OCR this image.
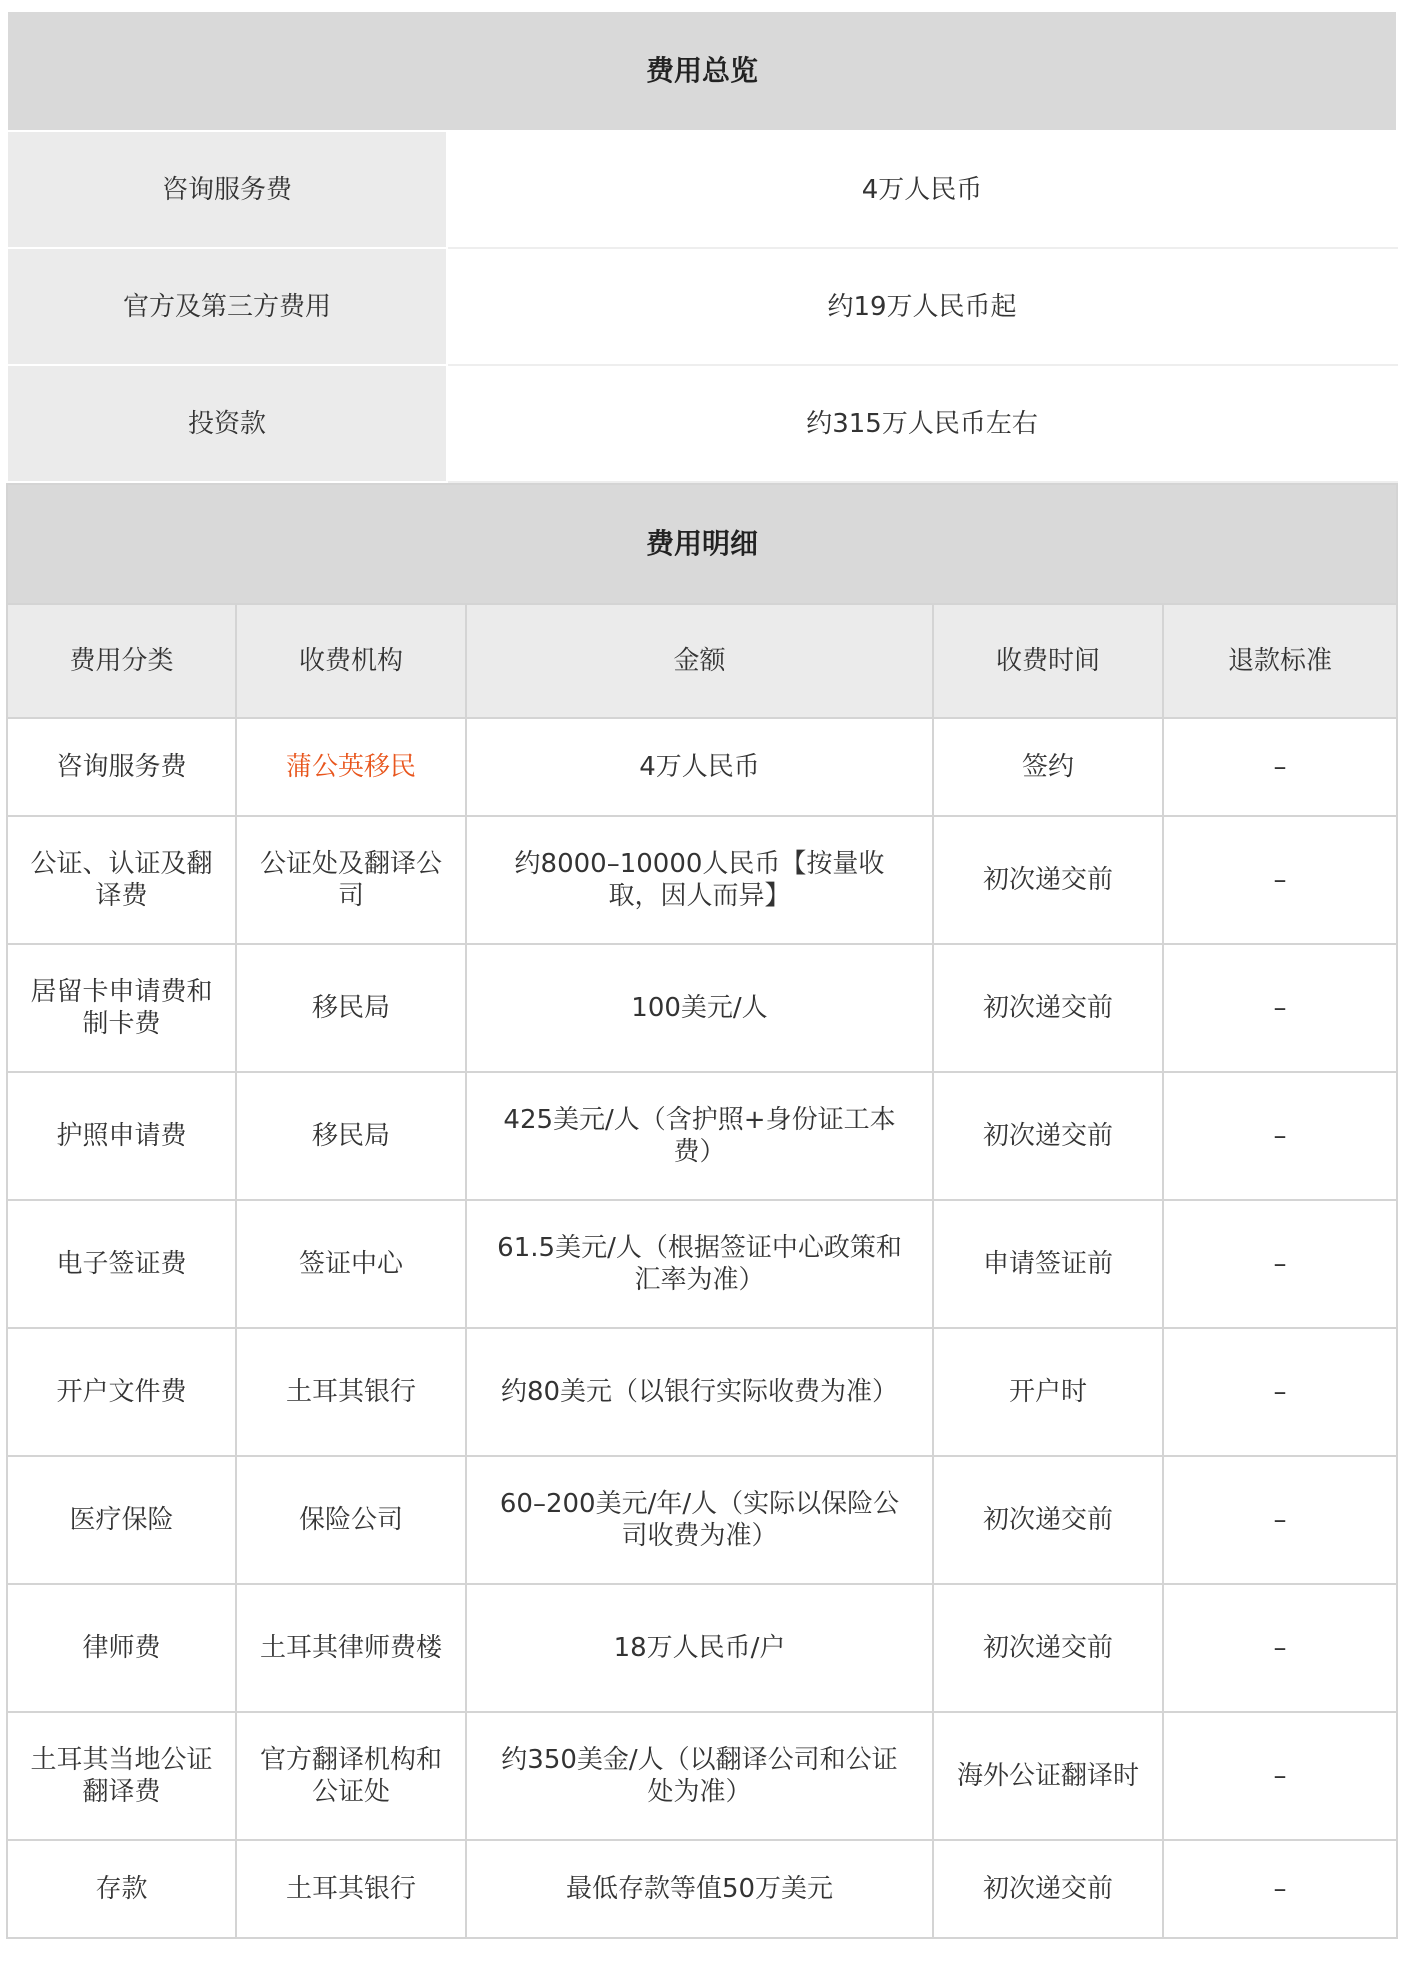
费用总览	
咨询服务费	4万人民币
官方及第三方费用	约19万人民币起
投资款	约315万人民币左右
费用明细				
费用分类	收费机构	金额	收费时间	退款标准
咨询服务费	蒲公英移民	4万人民币	签约	–
公证、认证及翻译费	公证处及翻译公司	约8000–10000人民币【按量收取，因人而异】	初次递交前	–
居留卡申请费和制卡费	移民局	100美元/人	初次递交前	–
护照申请费	移民局	425美元/人（含护照+身份证工本费）	初次递交前	–
电子签证费	签证中心	61.5美元/人（根据签证中心政策和汇率为准）	申请签证前	–
开户文件费	土耳其银行	约80美元（以银行实际收费为准）	开户时	–
医疗保险	保险公司	60–200美元/年/人（实际以保险公司收费为准）	初次递交前	–
律师费	土耳其律师费楼	18万人民币/户	初次递交前	–
土耳其当地公证翻译费	官方翻译机构和公证处	约350美金/人（以翻译公司和公证处为准）	海外公证翻译时	–
存款	土耳其银行	最低存款等值50万美元	初次递交前	–
